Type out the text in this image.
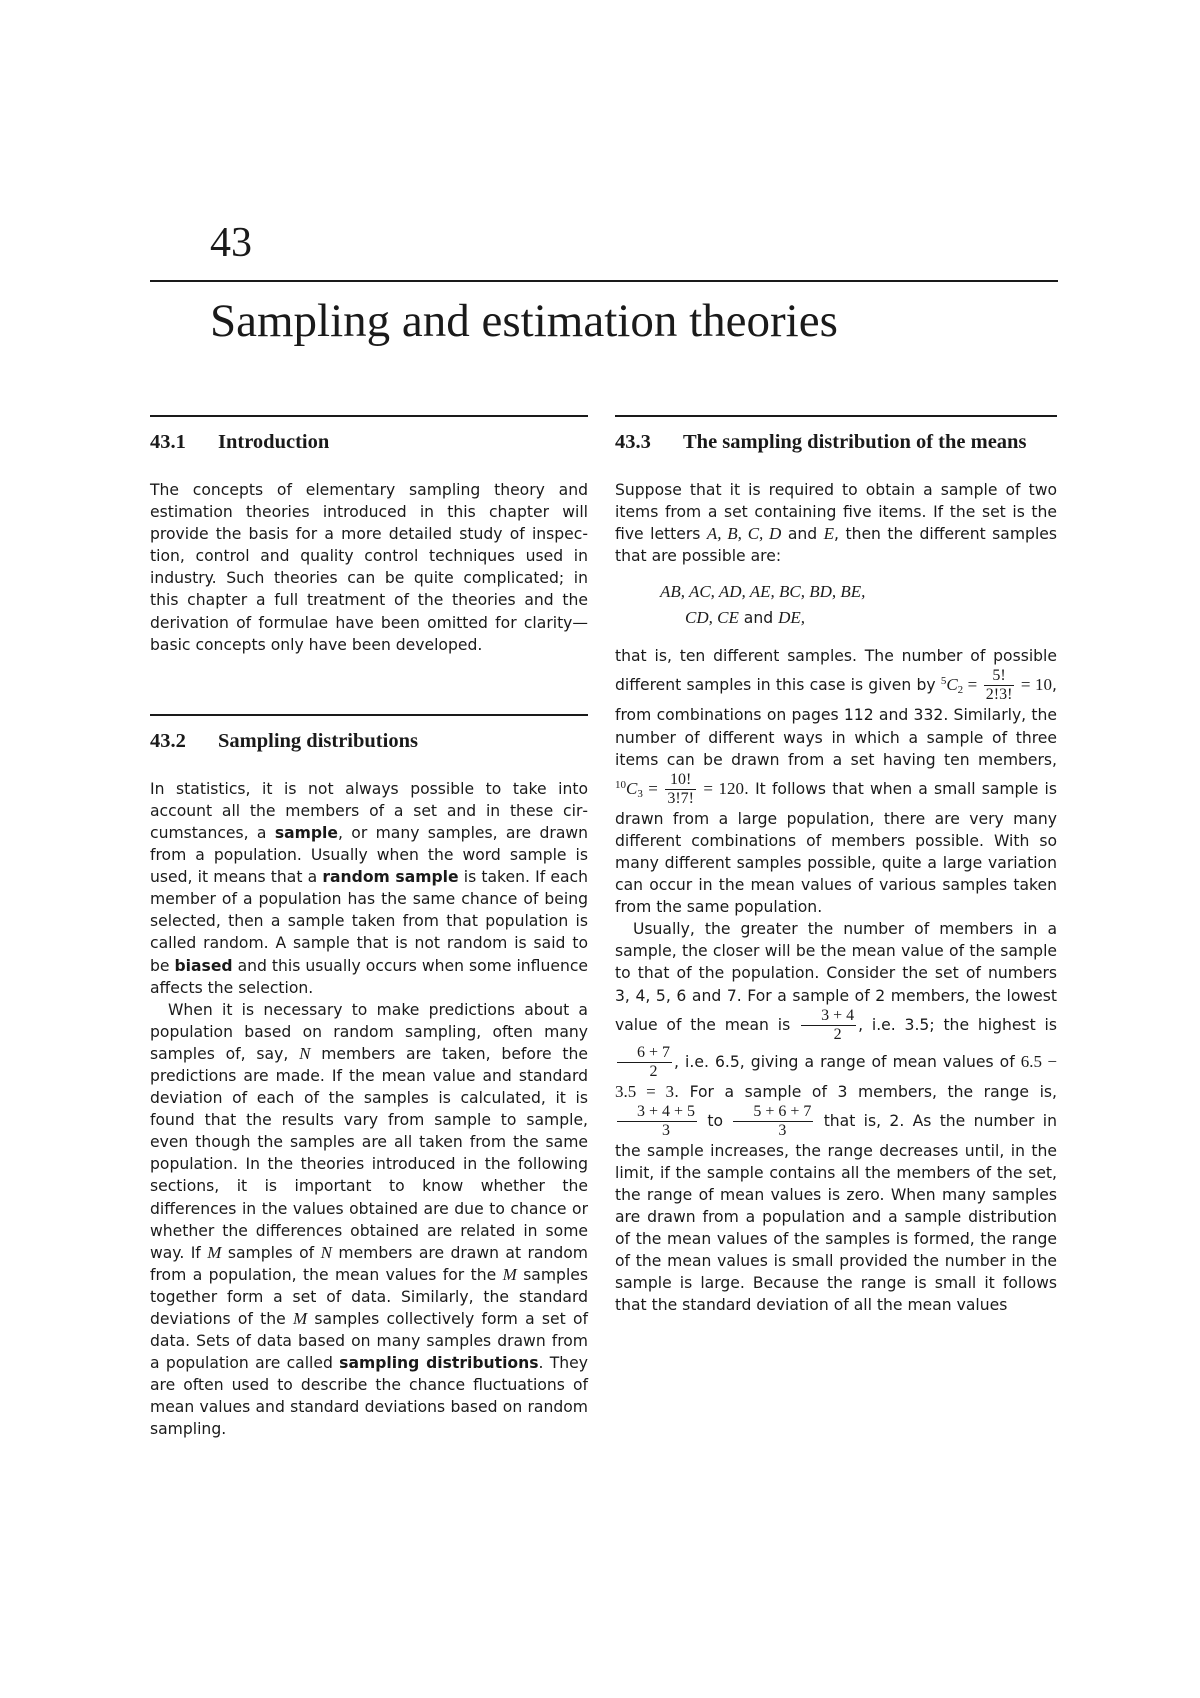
43
Sampling and estimation theories
43.1	Introduction

The concepts of elementary sampling theory and estimation theories introduced in this chapter will provide the basis for a more detailed study of inspection, control and quality control techniques used in industry. Such theories can be quite complicated; in this chapter a full treatment of the theories and the derivation of formulae have been omitted for clarity—basic concepts only have been developed.

43.2	Sampling distributions

In statistics, it is not always possible to take into account all the members of a set and in these circumstances, a sample, or many samples, are drawn from a population. Usually when the word sample is used, it means that a random sample is taken. If each member of a population has the same chance of being selected, then a sample taken from that population is called random. A sample that is not random is said to be biased and this usually occurs when some influence affects the selection.

When it is necessary to make predictions about a population based on random sampling, often many samples of, say, N members are taken, before the predictions are made. If the mean value and standard deviation of each of the samples is calculated, it is found that the results vary from sample to sample, even though the samples are all taken from the same population. In the theories introduced in the following sections, it is important to know whether the differences in the values obtained are due to chance or whether the differences obtained are related in some way. If M samples of N members are drawn at random from a population, the mean values for the M samples together form a set of data. Similarly, the standard deviations of the M samples collectively form a set of data. Sets of data based on many samples drawn from a population are called sampling distributions. They are often used to describe the chance fluctuations of mean values and standard deviations based on random sampling.

43.3	The sampling distribution of the means

Suppose that it is required to obtain a sample of two items from a set containing five items. If the set is the five letters A, B, C, D and E, then the different samples that are possible are:

AB, AC, AD, AE, BC, BD, BE,
CD, CE and DE,

that is, ten different samples. The number of possible different samples in this case is given by $^5C_2 = \frac{5!}{2!3!} = 10$, from combinations on pages 112 and 332. Similarly, the number of different ways in which a sample of three items can be drawn from a set having ten members, $^{10}C_3 = \frac{10!}{3!7!} = 120$. It follows that when a small sample is drawn from a large population, there are very many different combinations of members possible. With so many different samples possible, quite a large variation can occur in the mean values of various samples taken from the same population.

Usually, the greater the number of members in a sample, the closer will be the mean value of the sample to that of the population. Consider the set of numbers 3, 4, 5, 6 and 7. For a sample of 2 members, the lowest value of the mean is $\frac{3 + 4}{2}$ , i.e. 3.5; the highest is
$\frac{6 + 7}{2}$ , i.e. 6.5, giving a range of mean values of 6.5 − 3.5 = 3. For a sample of 3 members, the range is,
$\frac{3 + 4 + 5}{3}$ to $\frac{5 + 6 + 7}{3}$ that is, 2. As the number in the sample increases, the range decreases until, in the limit, if the sample contains all the members of the set, the range of mean values is zero. When many samples are drawn from a population and a sample distribution of the mean values of the samples is formed, the range of the mean values is small provided the number in the sample is large. Because the range is small it follows that the standard deviation of all the mean values
